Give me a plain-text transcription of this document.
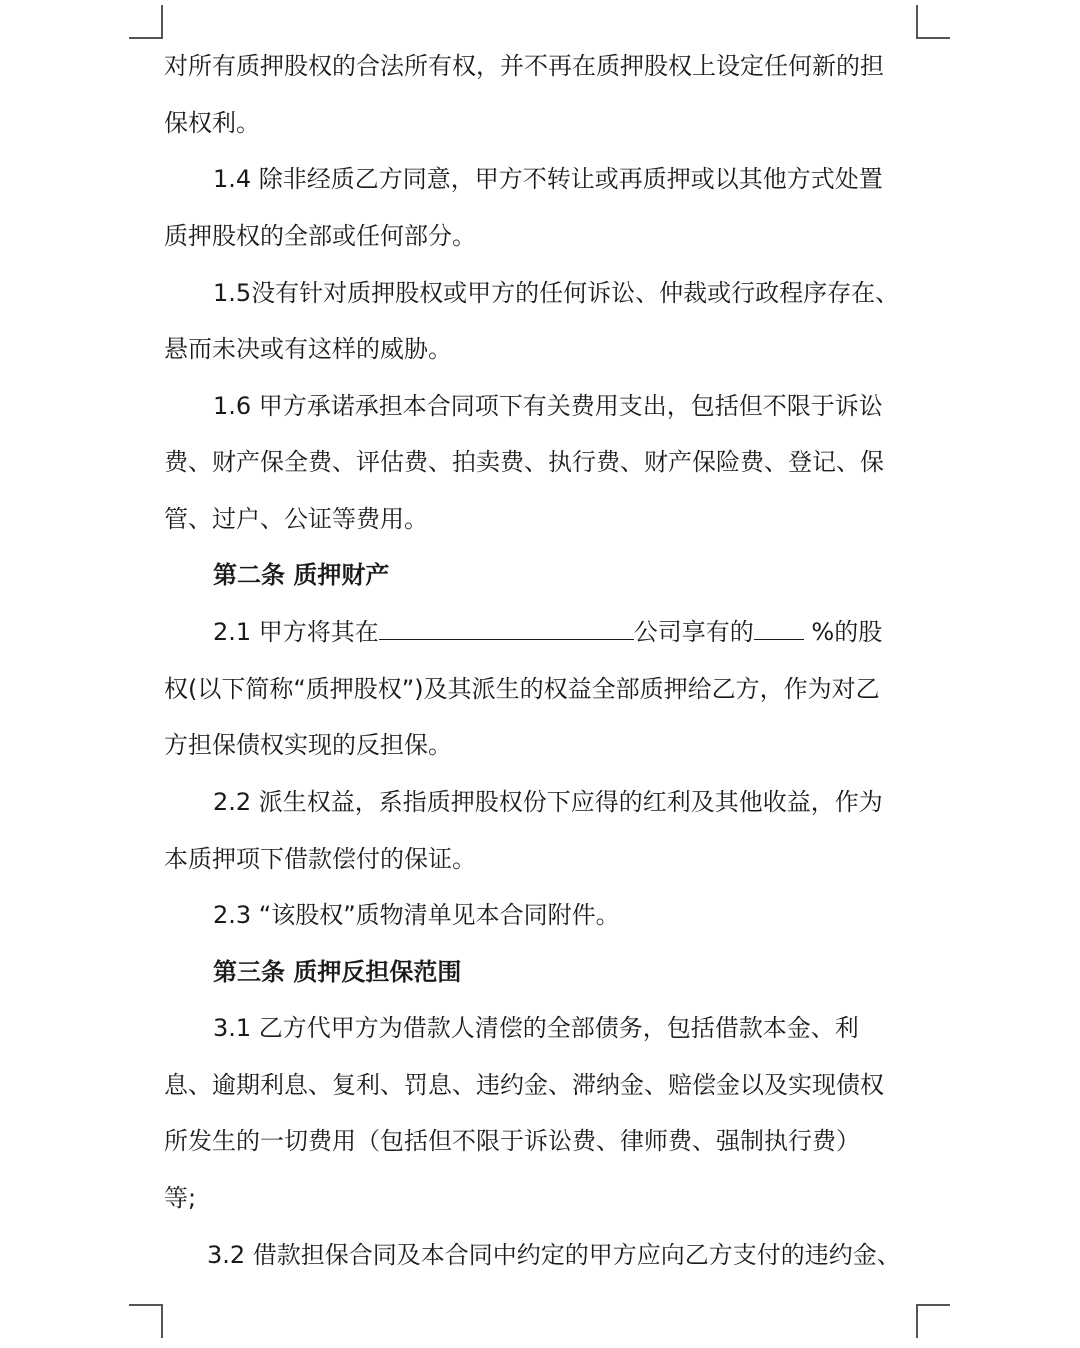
对所有质押股权的合法所有权，并不再在质押股权上设定任何新的担
保权利。
1.4 除非经质乙方同意，甲方不转让或再质押或以其他方式处置
质押股权的全部或任何部分。
1.5没有针对质押股权或甲方的任何诉讼、仲裁或行政程序存在、
悬而未决或有这样的威胁。
1.6 甲方承诺承担本合同项下有关费用支出，包括但不限于诉讼
费、财产保全费、评估费、拍卖费、执行费、财产保险费、登记、保
管、过户、公证等费用。
第二条 质押财产
2.1 甲方将其在	公司享有的 %的股
权(以下简称“质押股权”)及其派生的权益全部质押给乙方，作为对乙
方担保债权实现的反担保。
2.2 派生权益，系指质押股权份下应得的红利及其他收益，作为
本质押项下借款偿付的保证。
2.3 “该股权”质物清单见本合同附件。
第三条 质押反担保范围
3.1 乙方代甲方为借款人清偿的全部债务，包括借款本金、利
息、逾期利息、复利、罚息、违约金、滞纳金、赔偿金以及实现债权
所发生的一切费用（包括但不限于诉讼费、律师费、强制执行费）
等;
3.2 借款担保合同及本合同中约定的甲方应向乙方支付的违约金、
